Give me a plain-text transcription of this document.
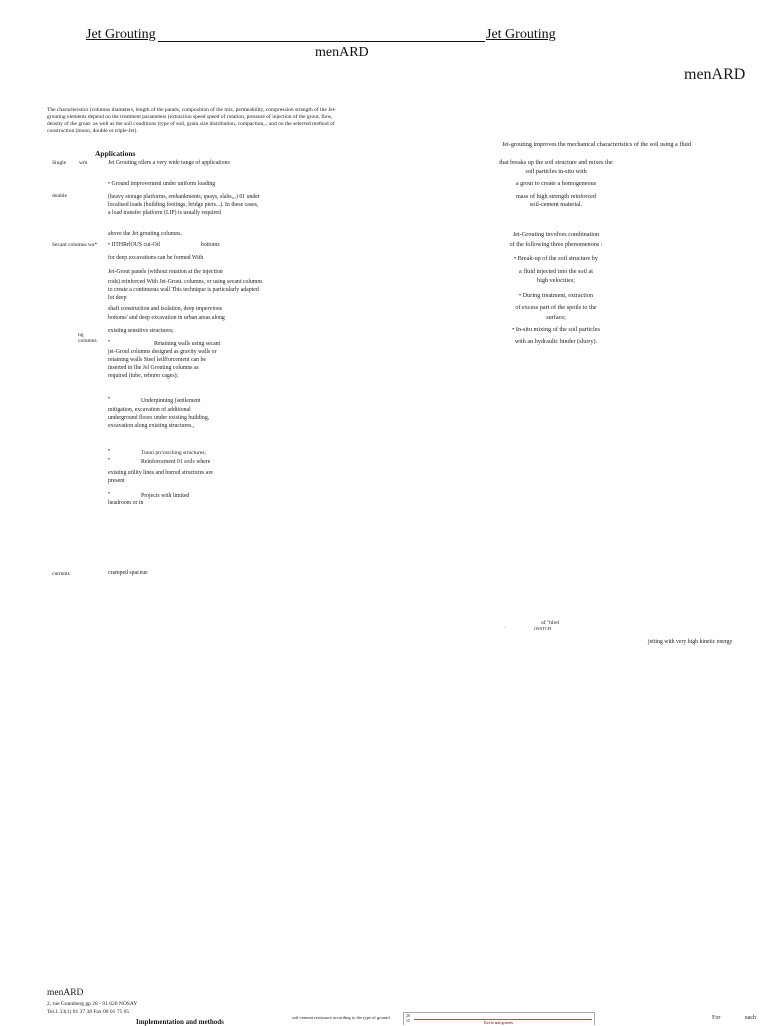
Jet Grouting	Jet Grouting
menARD
menARD
The characteristics (columns diameters, length of the panels, composition of the mix, permeability, compression strength of the Jet-grouting elements depend on the treatment parameters (extraction speed speed of rotation, pressure of injection of the grout, flow, density of the grout- as well as the soil conditions (type of soil, grain size distribution, compaction,., and on the selected method of construction (mono, double or triple-Jet).
Applications
Single wm
double
Secant columns wa*
ng
columns
currents
Jet Grouting oilers a very wide range of applications
• Ground improvement under uniform loading
(heavy storage platforms, embankments, quays, slabs,,.) 01 under localised loads (building footings, bridge piers...). In these cases, a load transfer platform (LIP) is usually required
above the Jet grouting columns.
• IITHRrlOUS cut-Otl	bottoms
for deep excavations can be formed With
Jet-Grout panels (without rotation at the injection
rods) reinforced With Jet-Grout. columns, or using secant columns to create a continuous wall This technique is particularly adapted lot deep
shaft construction and isolation, deep impervious
bottoms' and deep excavation in urban areas along
existing sensitive structures;
•	Retaining walls using secant
jet-Groul columns designed as gravity walls or retaining walls Steel leilfforcement can be inserted in Ihe Jel Grouting columns as required (tube, rebnrer cages);
•	Underpinning (settlement
mitigation, excavation of additional underground floors under existing building, excavation along existing structures.,
•	Tunnl prcvarching structures;
•	Reinforcement 01 soils where
existing utility lines and burred structures are present
•	Projects with limited
headroom or in
cramped spaceue
Jet-grouting improves the mechanical characteristics of the soil using a fluid
that breaks up the soil structure and mixes the soil particles in-situ with
a grout to create a homogeneous
mass of high strength reinforced
soil-cement material.
Jet-Grouting involves combination
of the following three phenomenons :
• Break-up of the soil structure by
a fluid injected into the soil at
high velocities;
• During treatment, extraction
of excess part of the spoils to the
surface;
• In-situ mixing of the soil particles
with an hydraulic binder (slurry).
of "blrel
·	(WATCH
jetting with very high kinetic energy
menARD
2, rue Gutenberg gp 28 - 91 620 NOSAY
Tel.1 33(1) 01 37 38 Fax 00 01 75 05
Implementation and methods
soil-cement resistance according to the type of ground	20
15	Kevlo and gravels
For	each
